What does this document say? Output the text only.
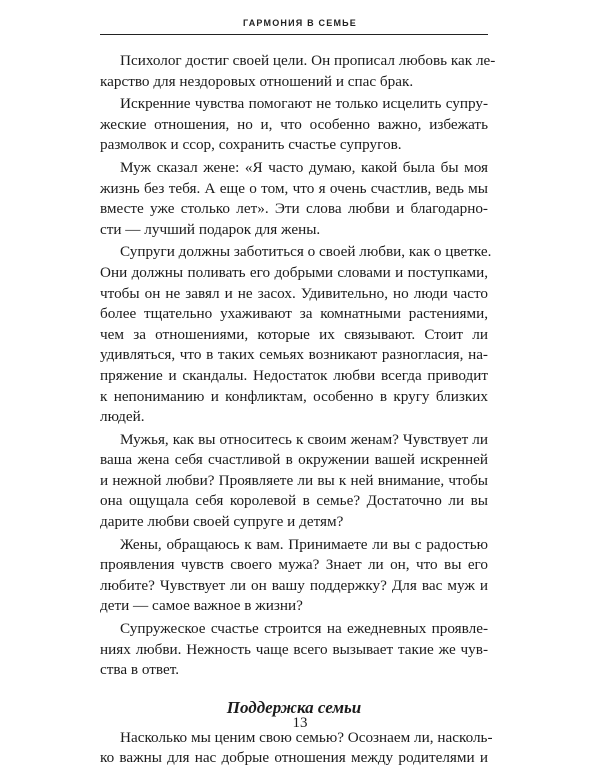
ГАРМОНИЯ В СЕМЬЕ

Психолог достиг своей цели. Он прописал любовь как ле-
карство для нездоровых отношений и спас брак.

Искренние чувства помогают не только исцелить супру-
жеские отношения, но и, что особенно важно, избежать
размолвок и ссор, сохранить счастье супругов.

Муж сказал жене: «Я часто думаю, какой была бы моя
жизнь без тебя. А еще о том, что я очень счастлив, ведь мы
вместе уже столько лет». Эти слова любви и благодарно-
сти — лучший подарок для жены.

Супруги должны заботиться о своей любви, как о цветке.
Они должны поливать его добрыми словами и поступками,
чтобы он не завял и не засох. Удивительно, но люди часто
более тщательно ухаживают за комнатными растениями,
чем за отношениями, которые их связывают. Стоит ли
удивляться, что в таких семьях возникают разногласия, на-
пряжение и скандалы. Недостаток любви всегда приводит
к непониманию и конфликтам, особенно в кругу близких
людей.

Мужья, как вы относитесь к своим женам? Чувствует ли
ваша жена себя счастливой в окружении вашей искренней
и нежной любви? Проявляете ли вы к ней внимание, чтобы
она ощущала себя королевой в семье? Достаточно ли вы
дарите любви своей супруге и детям?

Жены, обращаюсь к вам. Принимаете ли вы с радостью
проявления чувств своего мужа? Знает ли он, что вы его
любите? Чувствует ли он вашу поддержку? Для вас муж и
дети — самое важное в жизни?

Супружеское счастье строится на ежедневных проявле-
ниях любви. Нежность чаще всего вызывает такие же чув-
ства в ответ.

Поддержка семьи

Насколько мы ценим свою семью? Осознаем ли, насколь-
ко важны для нас добрые отношения между родителями и

13
